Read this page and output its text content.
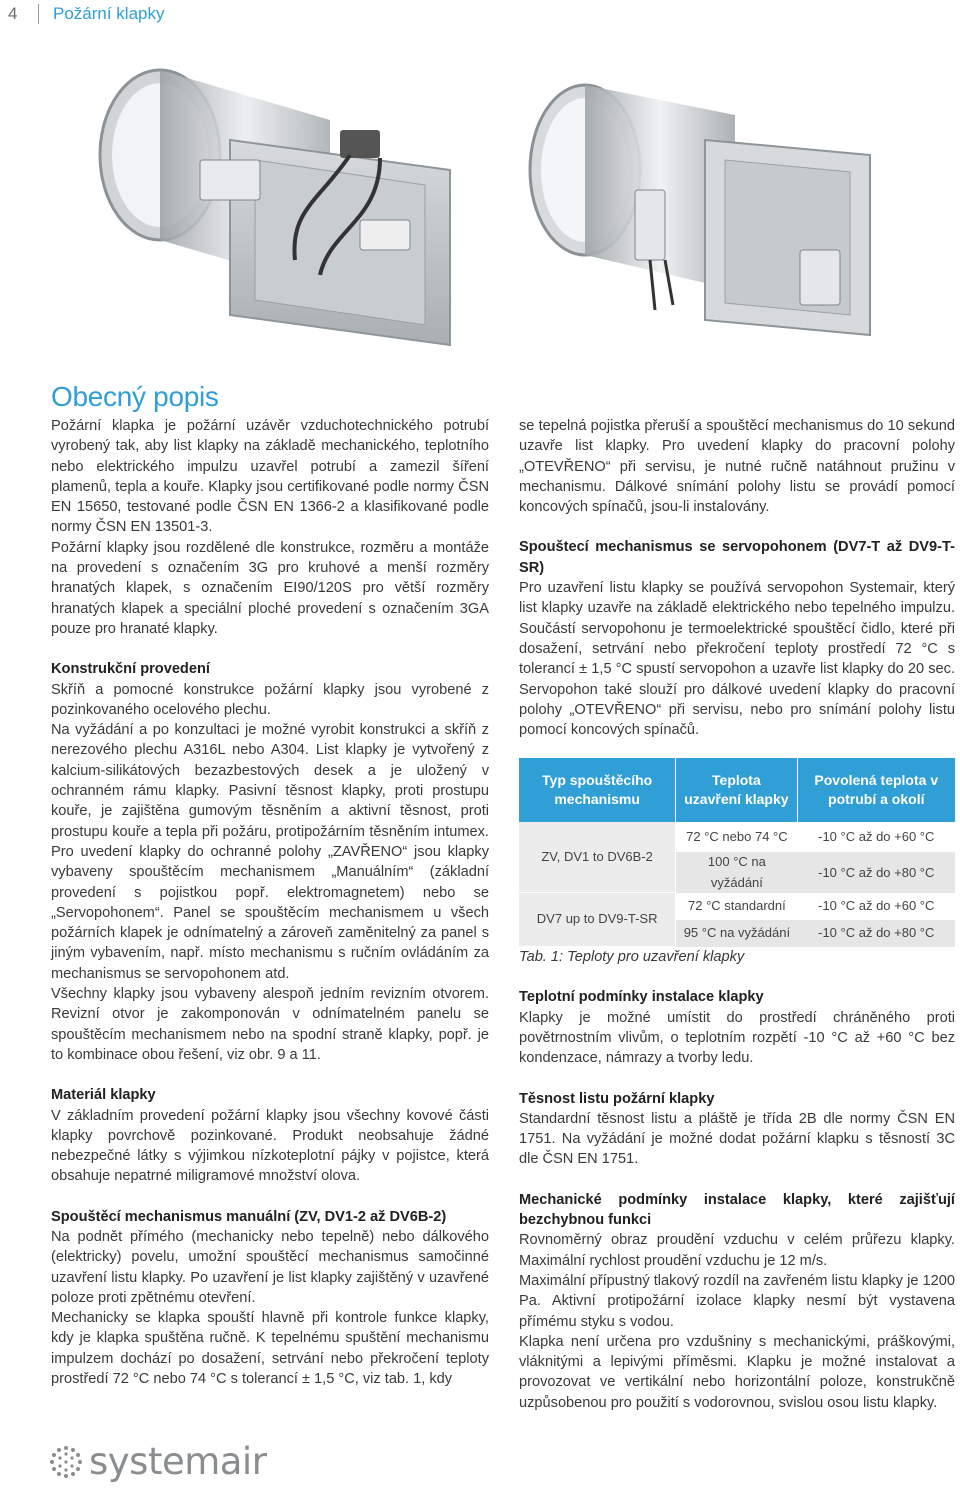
4	Požární klapky
Obecný popis

Požární klapka je požární uzávěr vzduchotechnického potrubí vyrobený tak, aby list klapky na základě mechanického, teplotního nebo elektrického impulzu uzavřel potrubí a zamezil šíření plamenů, tepla a kouře. Klapky jsou certifikované podle normy ČSN EN 15650, testované podle ČSN EN 1366-2 a klasifikované podle normy ČSN EN 13501-3.

Požární klapky jsou rozdělené dle konstrukce, rozměru a montáže na provedení s označením 3G pro kruhové a menší rozměry hranatých klapek, s označením EI90/120S pro větší rozměry hranatých klapek a speciální ploché provedení s označením 3GA pouze pro hranaté klapky.

Konstrukční provedení

Skříň a pomocné konstrukce požární klapky jsou vyrobené z pozinkovaného ocelového plechu.

Na vyžádání a po konzultaci je možné vyrobit konstrukci a skříň z nerezového plechu A316L nebo A304. List klapky je vytvořený z kalcium-silikátových bezazbestových desek a je uložený v ochranném rámu klapky. Pasivní těsnost klapky, proti prostupu kouře, je zajištěna gumovým těsněním a aktivní těsnost, proti prostupu kouře a tepla při požáru, protipožárním těsněním intumex. Pro uvedení klapky do ochranné polohy „ZAVŘENO“ jsou klapky vybaveny spouštěcím mechanismem „Manuálním“ (základní provedení s pojistkou popř. elektromagnetem) nebo se „Servopohonem“. Panel se spouštěcím mechanismem u všech požárních klapek je odnímatelný a zároveň zaměnitelný za panel s jiným vybavením, např. místo mechanismu s ručním ovládáním za mechanismus se servopohonem atd.

Všechny klapky jsou vybaveny alespoň jedním revizním otvorem. Revizní otvor je zakomponován v odnímatelném panelu se spouštěcím mechanismem nebo na spodní straně klapky, popř. je to kombinace obou řešení, viz obr. 9 a 11.

Materiál klapky

V základním provedení požární klapky jsou všechny kovové části klapky povrchově pozinkované. Produkt neobsahuje žádné nebezpečné látky s výjimkou nízkoteplotní pájky v pojistce, která obsahuje nepatrné miligramové množství olova.

Spouštěcí mechanismus manuální (ZV, DV1-2 až DV6B-2)

Na podnět přímého (mechanicky nebo tepelně) nebo dálkového (elektricky) povelu, umožní spouštěcí mechanismus samočinné uzavření listu klapky. Po uzavření je list klapky zajištěný v uzavřené poloze proti zpětnému otevření.

Mechanicky se klapka spouští hlavně při kontrole funkce klapky, kdy je klapka spuštěna ručně. K tepelnému spuštění mechanismu impulzem dochází po dosažení, setrvání nebo překročení teploty prostředí 72 °C nebo 74 °C s tolerancí ± 1,5 °C, viz tab. 1, kdy

se tepelná pojistka přeruší a spouštěcí mechanismus do 10 sekund uzavře list klapky. Pro uvedení klapky do pracovní polohy „OTEVŘENO“ při servisu, je nutné ručně natáhnout pružinu v mechanismu. Dálkové snímání polohy listu se provádí pomocí koncových spínačů, jsou-li instalovány.

Spouštecí mechanismus se servopohonem (DV7-T až DV9-T-SR)

Pro uzavření listu klapky se používá servopohon Systemair, který list klapky uzavře na základě elektrického nebo tepelného impulzu. Součástí servopohonu je termoelektrické spouštěcí čidlo, které při dosažení, setrvání nebo překročení teploty prostředí 72 °C s tolerancí ± 1,5 °C spustí servopohon a uzavře list klapky do 20 sec. Servopohon také slouží pro dálkové uvedení klapky do pracovní polohy „OTEVŘENO“ při servisu, nebo pro snímání polohy listu pomocí koncových spínačů.

Typ spouštěcího mechanismu	Teplota uzavření klapky	Povolená teplota v potrubí a okolí
ZV, DV1 to DV6B-2	72 °C nebo 74 °C	-10 °C až do +60 °C
	100 °C na vyžádání	-10 °C až do +80 °C
DV7 up to DV9-T-SR	72 °C standardní	-10 °C až do +60 °C
	95 °C na vyžádání	-10 °C až do +80 °C

Tab. 1: Teploty pro uzavření klapky

Teplotní podmínky instalace klapky

Klapky je možné umístit do prostředí chráněného proti povětrnostním vlivům, o teplotním rozpětí -10 °C až +60 °C bez kondenzace, námrazy a tvorby ledu.

Těsnost listu požární klapky

Standardní těsnost listu a pláště je třída 2B dle normy ČSN EN 1751. Na vyžádání je možné dodat požární klapku s těsností 3C dle ČSN EN 1751.

Mechanické podmínky instalace klapky, které zajišťují bezchybnou funkci

Rovnoměrný obraz proudění vzduchu v celém průřezu klapky. Maximální rychlost proudění vzduchu je 12 m/s.

Maximální přípustný tlakový rozdíl na zavřeném listu klapky je 1200 Pa. Aktivní protipožární izolace klapky nesmí být vystavena přímému styku s vodou.

Klapka není určena pro vzdušniny s mechanickými, práškovými, vláknitými a lepivými příměsmi. Klapku je možné instalovat a provozovat ve vertikální nebo horizontální poloze, konstrukčně uzpůsobenou pro použití s vodorovnou, svislou osou listu klapky.

systemair
